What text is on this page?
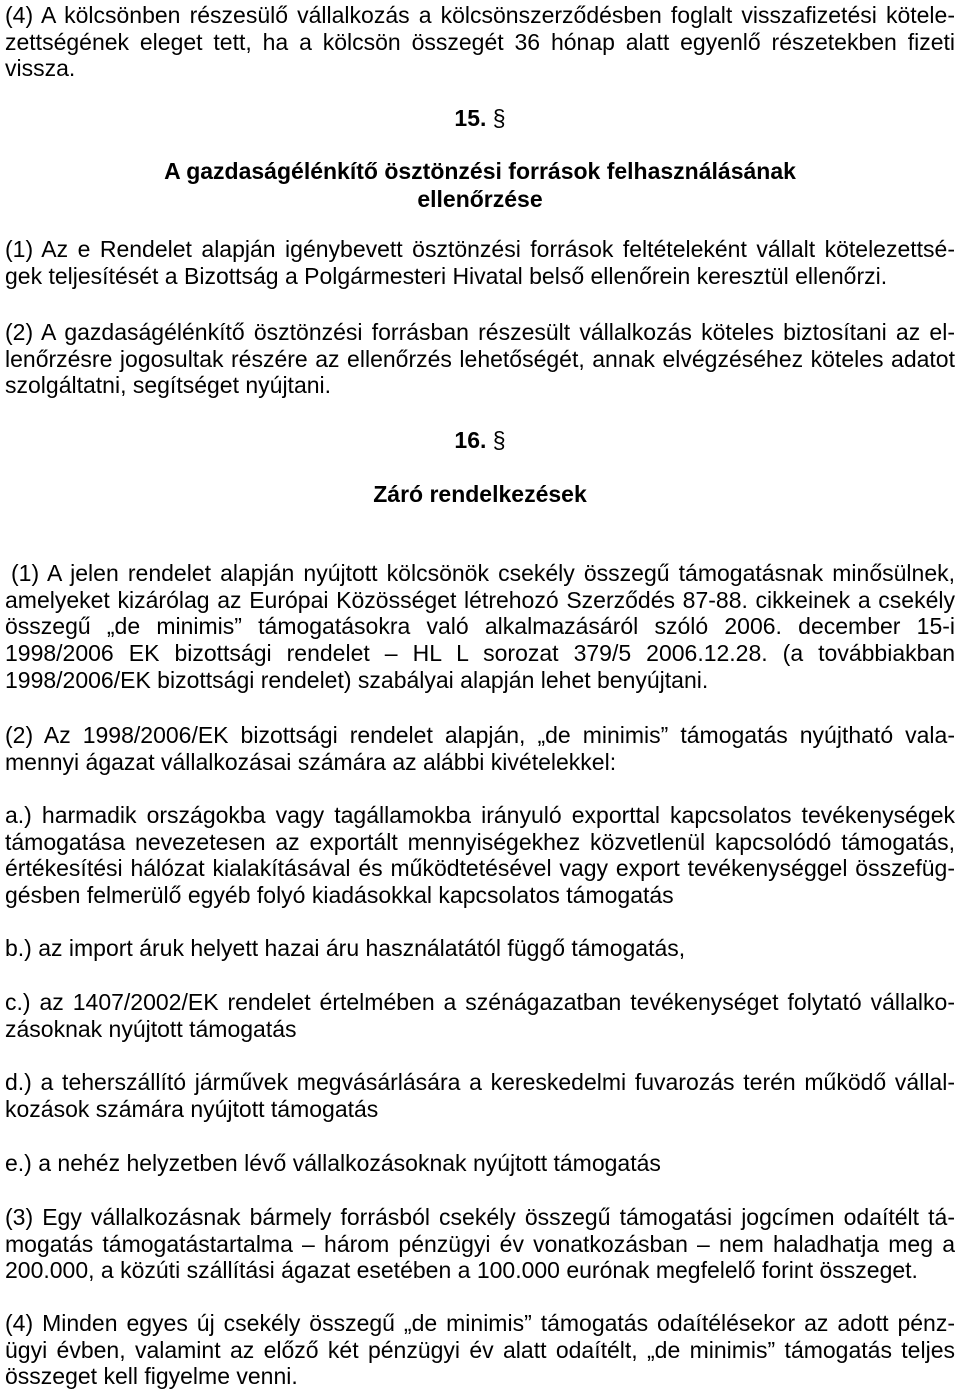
(4) A kölcsönben részesülő vállalkozás a kölcsönszerződésben foglalt visszafizetési kötele-
zettségének eleget tett, ha a kölcsön összegét 36 hónap alatt egyenlő részetekben fizeti
vissza.
15. §
A gazdaságélénkítő ösztönzési források felhasználásának
ellenőrzése
(1) Az e Rendelet alapján igénybevett ösztönzési források feltételeként vállalt kötelezettsé-
gek teljesítését a Bizottság a Polgármesteri Hivatal belső ellenőrein keresztül ellenőrzi.
(2) A gazdaságélénkítő ösztönzési forrásban részesült vállalkozás köteles biztosítani az el-
lenőrzésre jogosultak részére az ellenőrzés lehetőségét, annak elvégzéséhez köteles adatot
szolgáltatni, segítséget nyújtani.
16. §
Záró rendelkezések
(1) A jelen rendelet alapján nyújtott kölcsönök csekély összegű támogatásnak minősülnek,
amelyeket kizárólag az Európai Közösséget létrehozó Szerződés 87-88. cikkeinek a csekély
összegű „de minimis” támogatásokra való alkalmazásáról szóló 2006. december 15-i
1998/2006 EK bizottsági rendelet – HL L sorozat 379/5 2006.12.28. (a továbbiakban
1998/2006/EK bizottsági rendelet) szabályai alapján lehet benyújtani.
(2) Az 1998/2006/EK bizottsági rendelet alapján, „de minimis” támogatás nyújtható vala-
mennyi ágazat vállalkozásai számára az alábbi kivételekkel:
a.) harmadik országokba vagy tagállamokba irányuló exporttal kapcsolatos tevékenységek
támogatása nevezetesen az exportált mennyiségekhez közvetlenül kapcsolódó támogatás,
értékesítési hálózat kialakításával és működtetésével vagy export tevékenységgel összefüg-
gésben felmerülő egyéb folyó kiadásokkal kapcsolatos támogatás
b.) az import áruk helyett hazai áru használatától függő támogatás,
c.) az 1407/2002/EK rendelet értelmében a szénágazatban tevékenységet folytató vállalko-
zásoknak nyújtott támogatás
d.) a teherszállító járművek megvásárlására a kereskedelmi fuvarozás terén működő vállal-
kozások számára nyújtott támogatás
e.) a nehéz helyzetben lévő vállalkozásoknak nyújtott támogatás
(3) Egy vállalkozásnak bármely forrásból csekély összegű támogatási jogcímen odaítélt tá-
mogatás támogatástartalma – három pénzügyi év vonatkozásban – nem haladhatja meg a
200.000, a közúti szállítási ágazat esetében a 100.000 eurónak megfelelő forint összeget.
(4) Minden egyes új csekély összegű „de minimis” támogatás odaítélésekor az adott pénz-
ügyi évben, valamint az előző két pénzügyi év alatt odaítélt, „de minimis” támogatás teljes
összeget kell figyelme venni.
